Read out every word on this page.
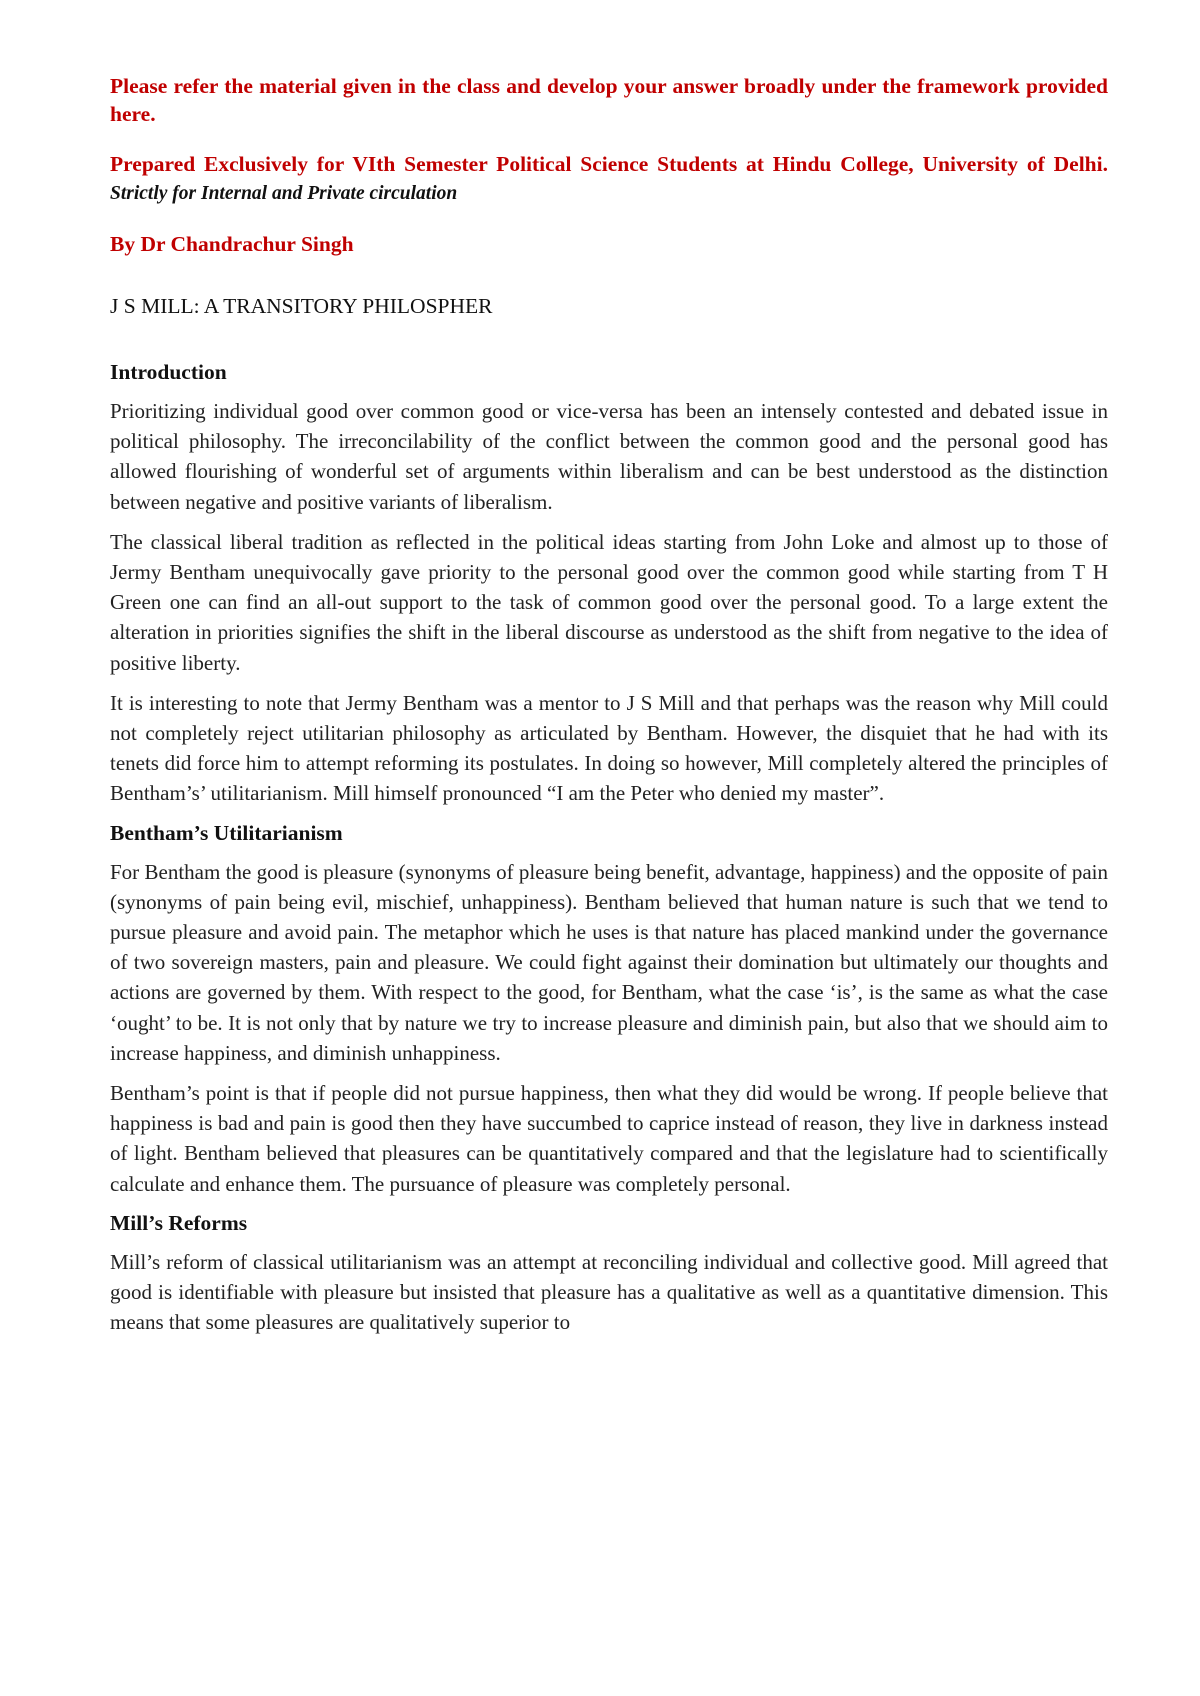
Please refer the material given in the class and develop your answer broadly under the framework provided here.

Prepared Exclusively for VIth Semester Political Science Students at Hindu College, University of Delhi. Strictly for Internal and Private circulation

By Dr Chandrachur Singh

J S MILL: A TRANSITORY PHILOSPHER
Introduction

Prioritizing individual good over common good or vice-versa has been an intensely contested and debated issue in political philosophy. The irreconcilability of the conflict between the common good and the personal good has allowed flourishing of wonderful set of arguments within liberalism and can be best understood as the distinction between negative and positive variants of liberalism.

The classical liberal tradition as reflected in the political ideas starting from John Loke and almost up to those of Jermy Bentham unequivocally gave priority to the personal good over the common good while starting from T H Green one can find an all-out support to the task of common good over the personal good. To a large extent the alteration in priorities signifies the shift in the liberal discourse as understood as the shift from negative to the idea of positive liberty.

It is interesting to note that Jermy Bentham was a mentor to J S Mill and that perhaps was the reason why Mill could not completely reject utilitarian philosophy as articulated by Bentham. However, the disquiet that he had with its tenets did force him to attempt reforming its postulates. In doing so however, Mill completely altered the principles of Bentham’s’ utilitarianism. Mill himself pronounced “I am the Peter who denied my master”.

Bentham’s Utilitarianism

For Bentham the good is pleasure (synonyms of pleasure being benefit, advantage, happiness) and the opposite of pain (synonyms of pain being evil, mischief, unhappiness). Bentham believed that human nature is such that we tend to pursue pleasure and avoid pain. The metaphor which he uses is that nature has placed mankind under the governance of two sovereign masters, pain and pleasure. We could fight against their domination but ultimately our thoughts and actions are governed by them. With respect to the good, for Bentham, what the case ‘is’, is the same as what the case ‘ought’ to be. It is not only that by nature we try to increase pleasure and diminish pain, but also that we should aim to increase happiness, and diminish unhappiness.

Bentham’s point is that if people did not pursue happiness, then what they did would be wrong. If people believe that happiness is bad and pain is good then they have succumbed to caprice instead of reason, they live in darkness instead of light. Bentham believed that pleasures can be quantitatively compared and that the legislature had to scientifically calculate and enhance them. The pursuance of pleasure was completely personal.

Mill’s Reforms

Mill’s reform of classical utilitarianism was an attempt at reconciling individual and collective good. Mill agreed that good is identifiable with pleasure but insisted that pleasure has a qualitative as well as a quantitative dimension. This means that some pleasures are qualitatively superior to
